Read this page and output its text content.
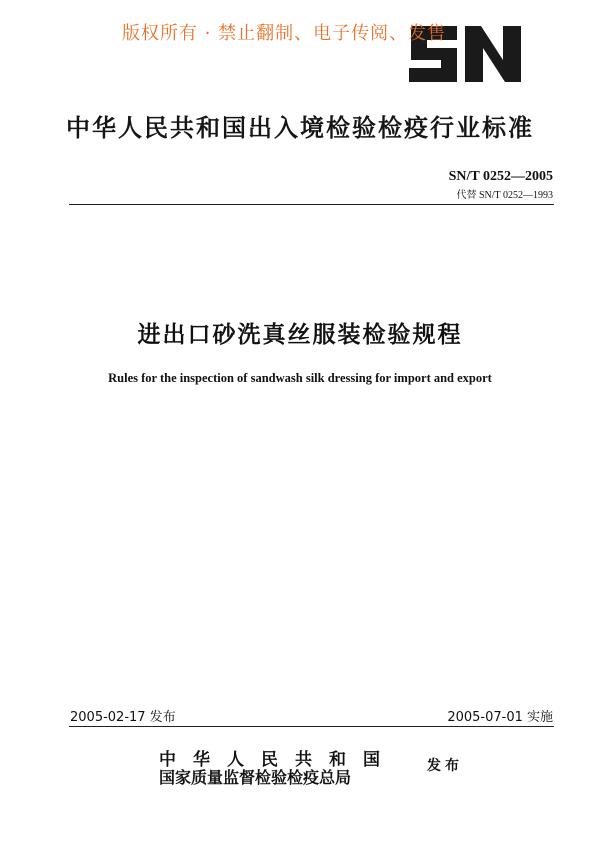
版权所有 · 禁止翻制、电子传阅、发售
中华人民共和国出入境检验检疫行业标准
SN/T 0252—2005
代替 SN/T 0252—1993
进出口砂洗真丝服装检验规程
Rules for the inspection of sandwash silk dressing for import and export
2005-02-17 发布	2005-07-01 实施
中华人民共和国
国家质量监督检验检疫总局
发布
